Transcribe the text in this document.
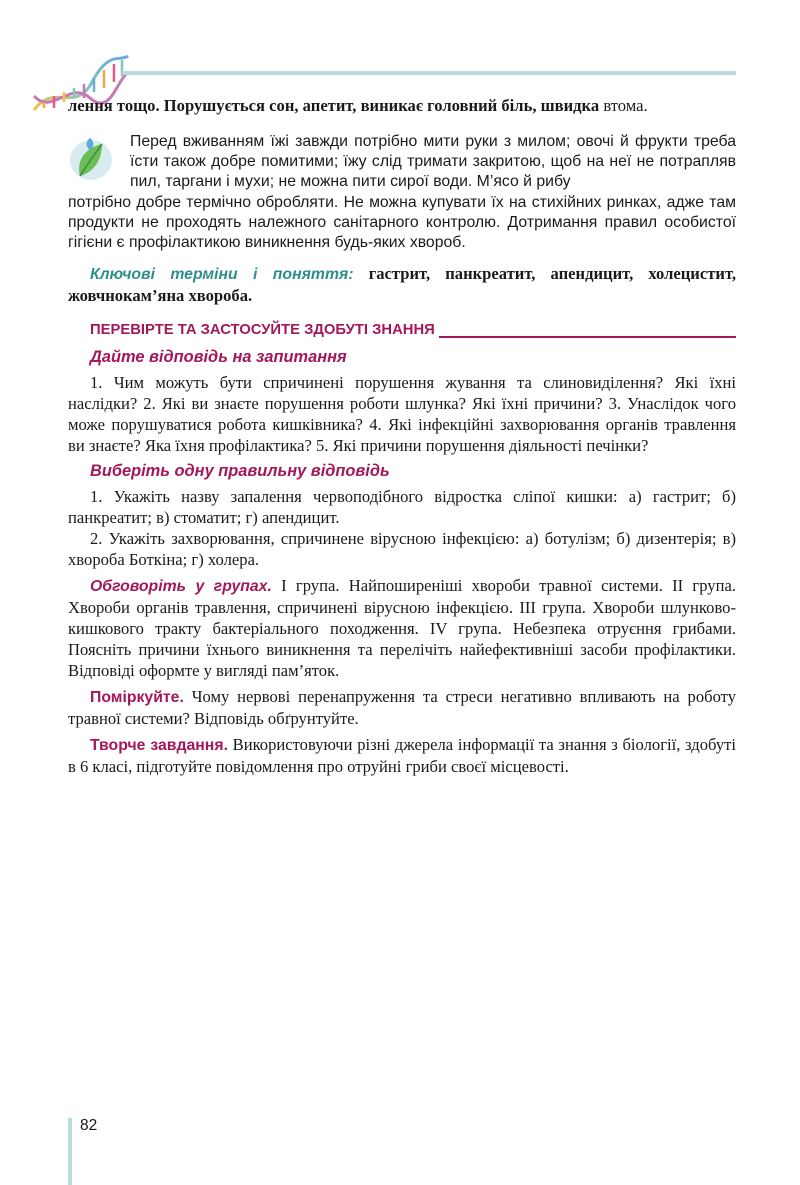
лення тощо. Порушується сон, апетит, виникає головний біль, швидка втома.

Перед вживанням їжі завжди потрібно мити руки з милом; овочі й фрукти треба їсти також добре помитими; їжу слід тримати закритою, щоб на неї не потрапляв пил, таргани і мухи; не можна пити сирої води. М’ясо й рибу

потрібно добре термічно обробляти. Не можна купувати їх на стихійних ринках, адже там продукти не проходять належного санітарного контролю. Дотримання правил особистої гігієни є профілактикою виникнення будь-яких хвороб.

Ключові терміни і поняття: гастрит, панкреатит, апендицит, холецистит, жовчнокам’яна хвороба.

ПЕРЕВІРТЕ ТА ЗАСТОСУЙТЕ ЗДОБУТІ ЗНАННЯ
Дайте відповідь на запитання

1. Чим можуть бути спричинені порушення жування та слиновиділення? Які їхні наслідки? 2. Які ви знаєте порушення роботи шлунка? Які їхні причини? 3. Унаслідок чого може порушуватися робота кишківника? 4. Які інфекційні захворювання органів травлення ви знаєте? Яка їхня профілактика? 5. Які причини порушення діяльності печінки?

Виберіть одну правильну відповідь

1. Укажіть назву запалення червоподібного відростка сліпої кишки: а) гастрит; б) панкреатит; в) стоматит; г) апендицит.

2. Укажіть захворювання, спричинене вірусною інфекцією: а) ботулізм; б) дизентерія; в) хвороба Боткіна; г) холера.

Обговоріть у групах. І група. Найпоширеніші хвороби травної системи. ІІ група. Хвороби органів травлення, спричинені вірусною інфекцією. ІІІ група. Хвороби шлунково-кишкового тракту бактеріального походження. IV група. Небезпека отруєння грибами. Поясніть причини їхнього виникнення та перелічіть найефективніші засоби профілактики. Відповіді оформте у вигляді пам’яток.

Поміркуйте. Чому нервові перенапруження та стреси негативно впливають на роботу травної системи? Відповідь обґрунтуйте.

Творче завдання. Використовуючи різні джерела інформації та знання з біології, здобуті в 6 класі, підготуйте повідомлення про отруйні гриби своєї місцевості.

82
